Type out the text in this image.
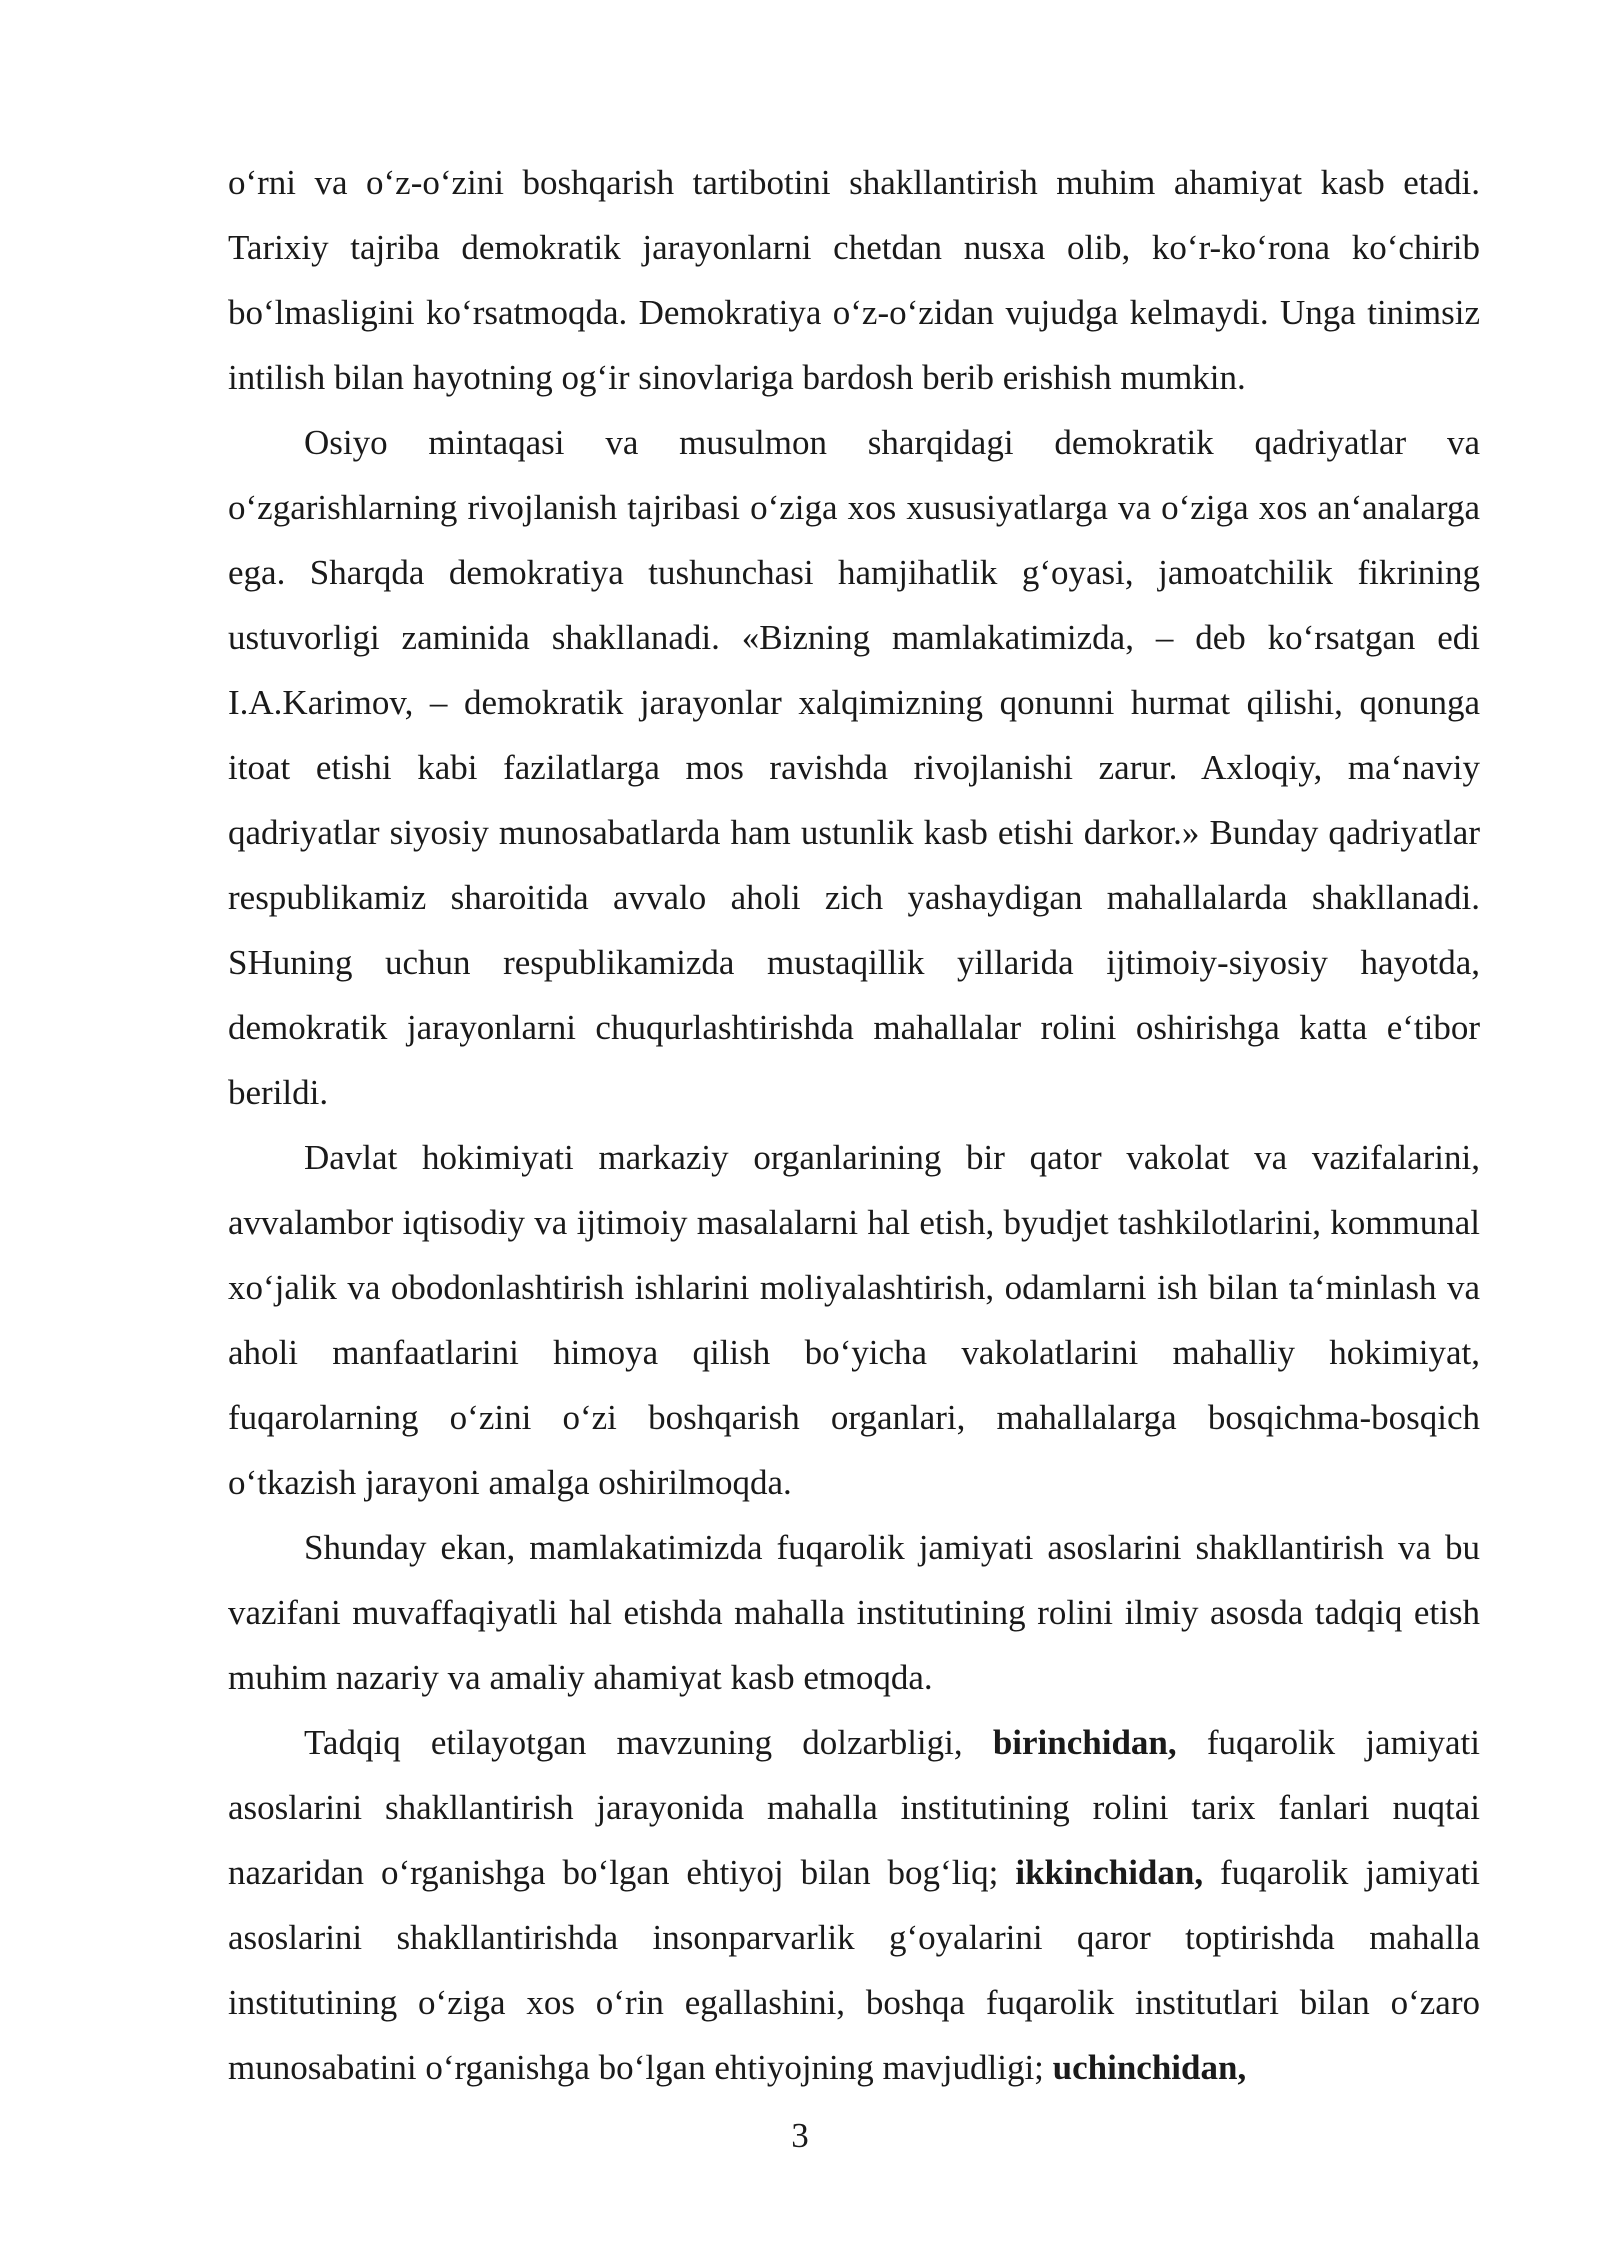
o‘rni va o‘z-o‘zini boshqarish tartibotini shakllantirish muhim ahamiyat kasb etadi. Tarixiy tajriba demokratik jarayonlarni chetdan nusxa olib, ko‘r-ko‘rona ko‘chirib bo‘lmasligini ko‘rsatmoqda. Demokratiya o‘z-o‘zidan vujudga kelmaydi. Unga tinimsiz intilish bilan hayotning og‘ir sinovlariga bardosh berib erishish mumkin.

Osiyo mintaqasi va musulmon sharqidagi demokratik qadriyatlar va o‘zgarishlarning rivojlanish tajribasi o‘ziga xos xususiyatlarga va o‘ziga xos an‘analarga ega. Sharqda demokratiya tushunchasi hamjihatlik g‘oyasi, jamoatchilik fikrining ustuvorligi zaminida shakllanadi. «Bizning mamlakatimizda, – deb ko‘rsatgan edi I.A.Karimov, – demokratik jarayonlar xalqimizning qonunni hurmat qilishi, qonunga itoat etishi kabi fazilatlarga mos ravishda rivojlanishi zarur. Axloqiy, ma‘naviy qadriyatlar siyosiy munosabatlarda ham ustunlik kasb etishi darkor.» Bunday qadriyatlar respublikamiz sharoitida avvalo aholi zich yashaydigan mahallalarda shakllanadi. SHuning uchun respublikamizda mustaqillik yillarida ijtimoiy-siyosiy hayotda, demokratik jarayonlarni chuqurlashtirishda mahallalar rolini oshirishga katta e‘tibor berildi.

Davlat hokimiyati markaziy organlarining bir qator vakolat va vazifalarini, avvalambor iqtisodiy va ijtimoiy masalalarni hal etish, byudjet tashkilotlarini, kommunal xo‘jalik va obodonlashtirish ishlarini moliyalashtirish, odamlarni ish bilan ta‘minlash va aholi manfaatlarini himoya qilish bo‘yicha vakolatlarini mahalliy hokimiyat, fuqarolarning o‘zini o‘zi boshqarish organlari, mahallalarga bosqichma-bosqich o‘tkazish jarayoni amalga oshirilmoqda.

Shunday ekan, mamlakatimizda fuqarolik jamiyati asoslarini shakllantirish va bu vazifani muvaffaqiyatli hal etishda mahalla institutining rolini ilmiy asosda tadqiq etish muhim nazariy va amaliy ahamiyat kasb etmoqda.

Tadqiq etilayotgan mavzuning dolzarbligi, birinchidan, fuqarolik jamiyati asoslarini shakllantirish jarayonida mahalla institutining rolini tarix fanlari nuqtai nazaridan o‘rganishga bo‘lgan ehtiyoj bilan bog‘liq; ikkinchidan, fuqarolik jamiyati asoslarini shakllantirishda insonparvarlik g‘oyalarini qaror toptirishda mahalla institutining o‘ziga xos o‘rin egallashini, boshqa fuqarolik institutlari bilan o‘zaro munosabatini o‘rganishga bo‘lgan ehtiyojning mavjudligi; uchinchidan,

3
